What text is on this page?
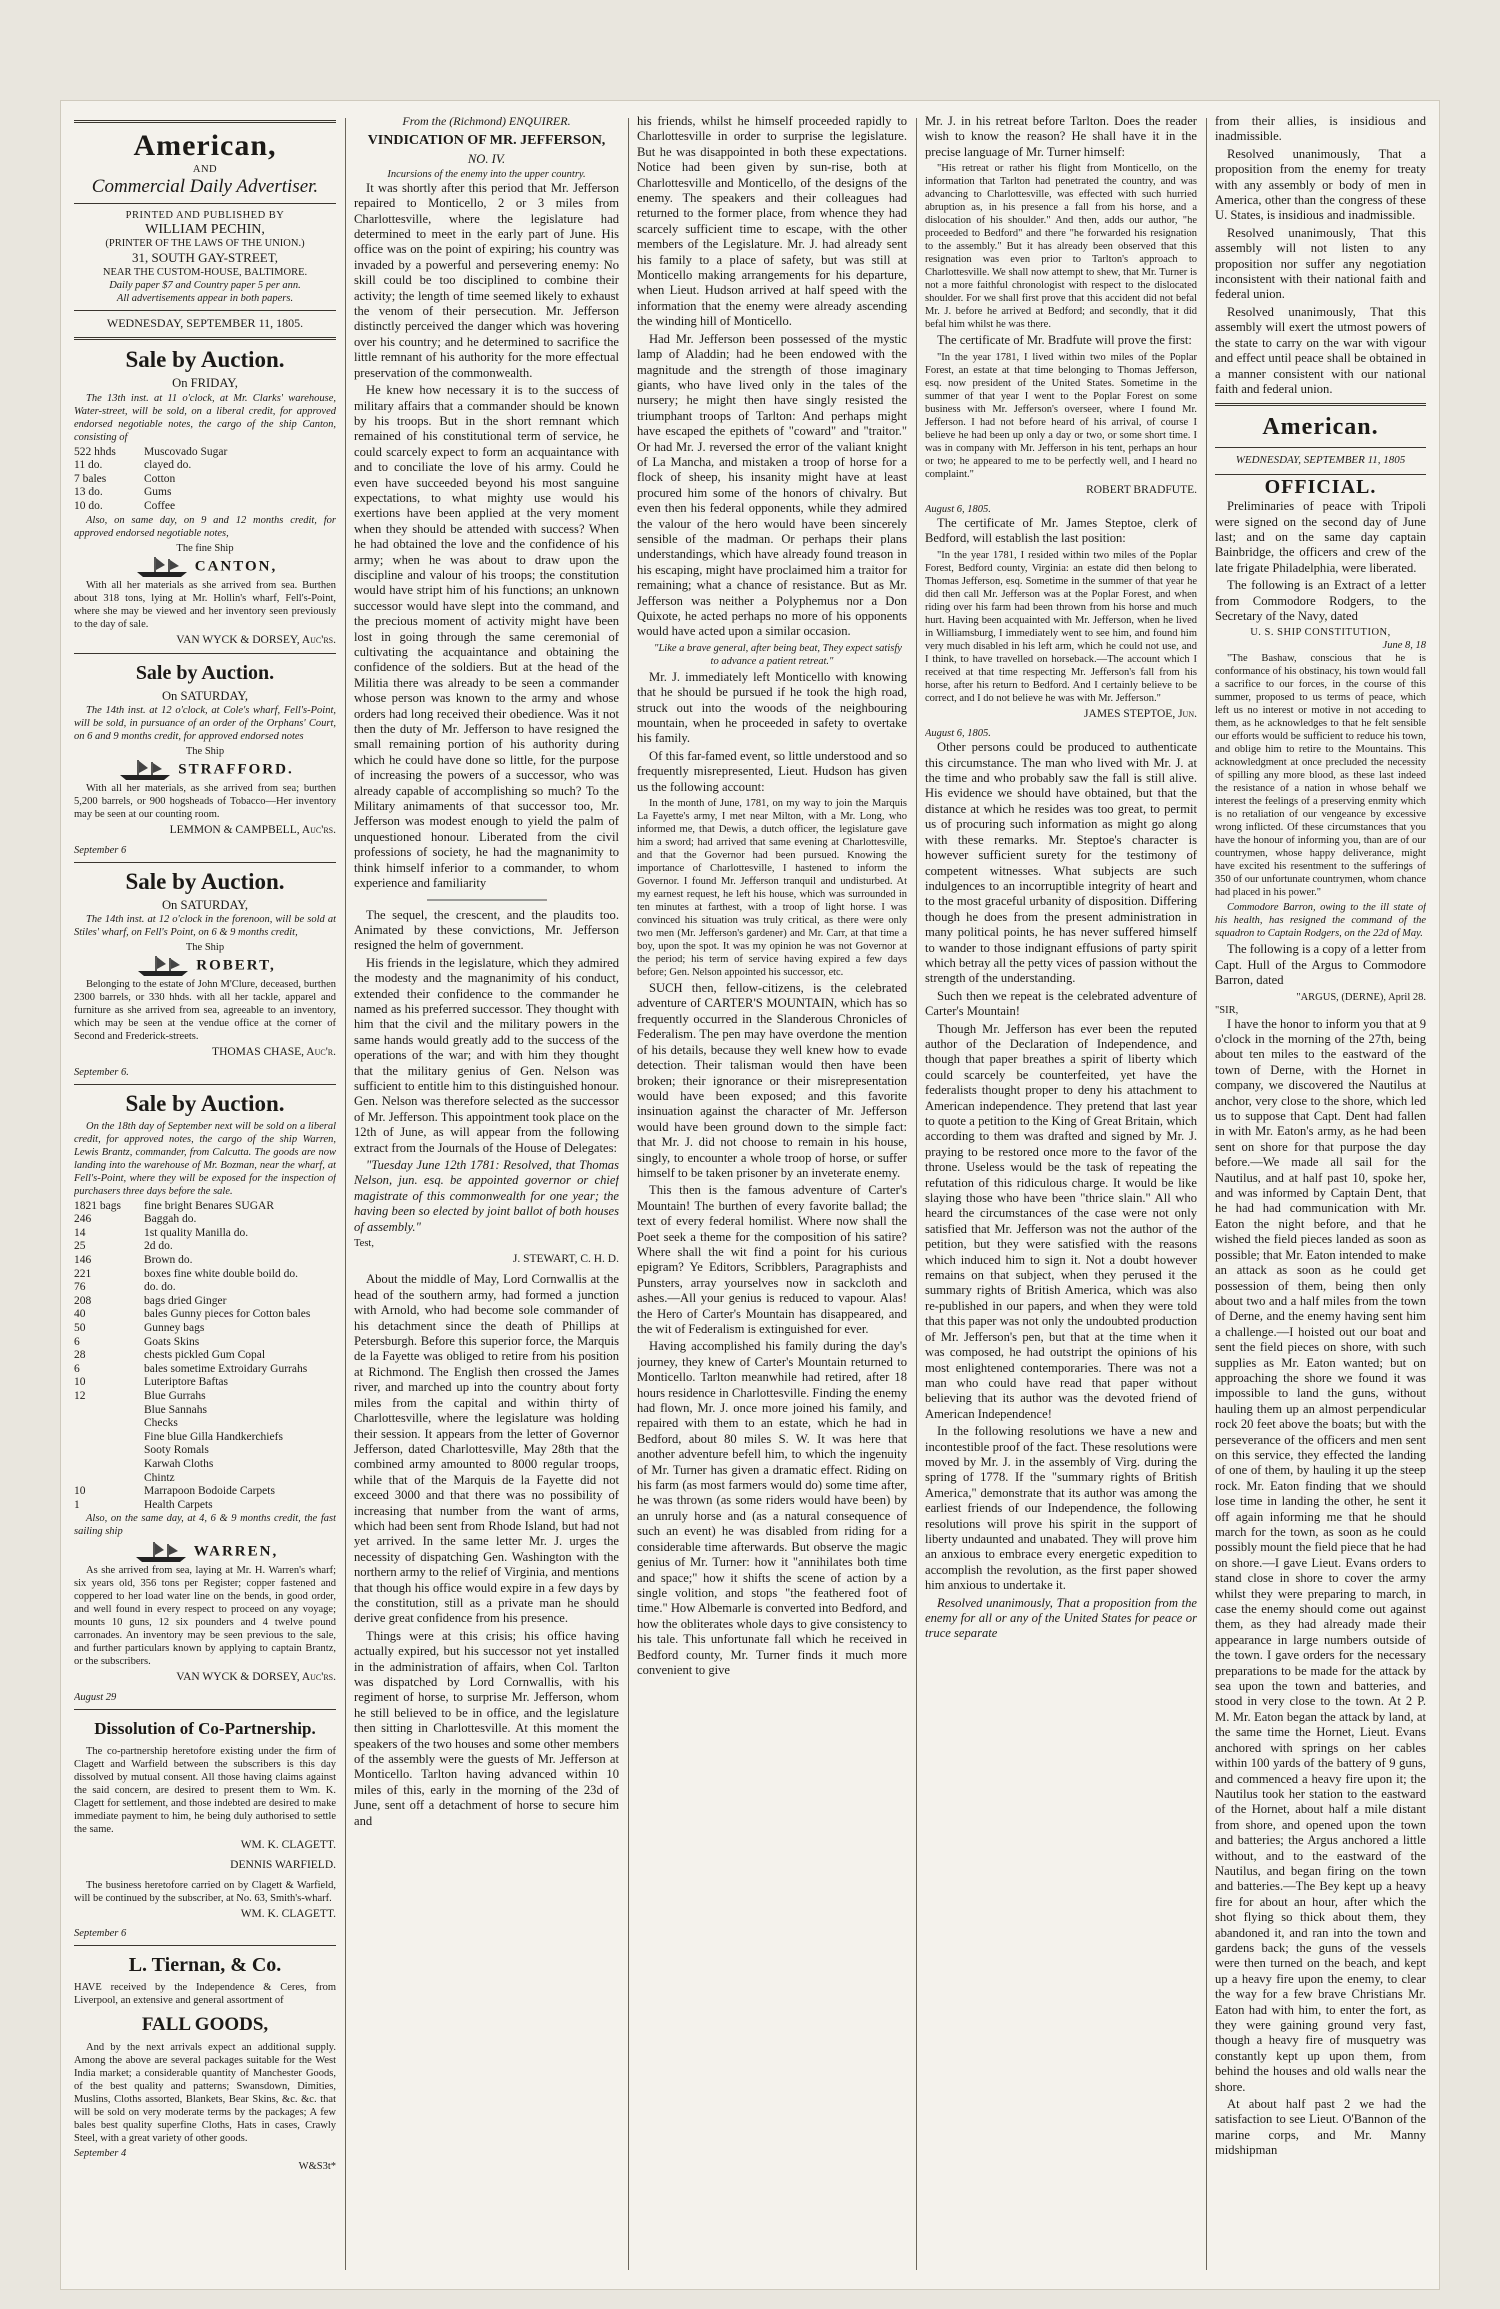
American,
AND
Commercial Daily Advertiser.
PRINTED AND PUBLISHED BY
WILLIAM PECHIN,
(PRINTER OF THE LAWS OF THE UNION.)
31, SOUTH GAY-STREET,
NEAR THE CUSTOM-HOUSE, BALTIMORE.
Daily paper $7 and Country paper 5 per ann.
All advertisements appear in both papers.
WEDNESDAY, SEPTEMBER 11, 1805.
Sale by Auction.
On FRIDAY,

The 13th inst. at 11 o'clock, at Mr. Clarks' warehouse, Water-street, will be sold, on a liberal credit, for approved endorsed negotiable notes, the cargo of the ship Canton, consisting of

522 hhds	Muscovado Sugar
11 do.	clayed do.
7 bales	Cotton
13 do.	Gums
10 do.	Coffee

Also, on same day, on 9 and 12 months credit, for approved endorsed negotiable notes,

The fine Ship
CANTON,

With all her materials as she arrived from sea. Burthen about 318 tons, lying at Mr. Hollin's wharf, Fell's-Point, where she may be viewed and her inventory seen previously to the day of sale.

VAN WYCK & DORSEY, Auc'rs.
Sale by Auction.
On SATURDAY,

The 14th inst. at 12 o'clock, at Cole's wharf, Fell's-Point, will be sold, in pursuance of an order of the Orphans' Court, on 6 and 9 months credit, for approved endorsed notes

The Ship
STRAFFORD.

With all her materials, as she arrived from sea; burthen 5,200 barrels, or 900 hogsheads of Tobacco—Her inventory may be seen at our counting room.

LEMMON & CAMPBELL, Auc'rs.
September 6
Sale by Auction.
On SATURDAY,

The 14th inst. at 12 o'clock in the forenoon, will be sold at Stiles' wharf, on Fell's Point, on 6 & 9 months credit,

The Ship
ROBERT,

Belonging to the estate of John M'Clure, deceased, burthen 2300 barrels, or 330 hhds. with all her tackle, apparel and furniture as she arrived from sea, agreeable to an inventory, which may be seen at the vendue office at the corner of Second and Frederick-streets.

THOMAS CHASE, Auc'r.
September 6.
Sale by Auction.

On the 18th day of September next will be sold on a liberal credit, for approved notes, the cargo of the ship Warren, Lewis Brantz, commander, from Calcutta. The goods are now landing into the warehouse of Mr. Bozman, near the wharf, at Fell's-Point, where they will be exposed for the inspection of purchasers three days before the sale.

1821 bags	fine bright Benares SUGAR
246	Baggah do.
14	1st quality Manilla do.
25	2d do.
146	Brown do.
221	boxes fine white double boild do.
76	do. do.
208	bags dried Ginger
40	bales Gunny pieces for Cotton bales
50	Gunney bags
6	Goats Skins
28	chests pickled Gum Copal
6	bales sometime Extroidary Gurrahs
10	Luteriptore Baftas
12	Blue Gurrahs
Blue Sannahs
Checks
Fine blue Gilla Handkerchiefs
Sooty Romals
Karwah Cloths
Chintz
10	Marrapoon Bodoide Carpets
1	Health Carpets

Also, on the same day, at 4, 6 & 9 months credit, the fast sailing ship

WARREN,

As she arrived from sea, laying at Mr. H. Warren's wharf; six years old, 356 tons per Register; copper fastened and coppered to her load water line on the bends, in good order, and well found in every respect to proceed on any voyage; mounts 10 guns, 12 six pounders and 4 twelve pound carronades. An inventory may be seen previous to the sale, and further particulars known by applying to captain Brantz, or the subscribers.

VAN WYCK & DORSEY, Auc'rs.
August 29
Dissolution of Co-Partnership.

The co-partnership heretofore existing under the firm of Clagett and Warfield between the subscribers is this day dissolved by mutual consent. All those having claims against the said concern, are desired to present them to Wm. K. Clagett for settlement, and those indebted are desired to make immediate payment to him, he being duly authorised to settle the same.

WM. K. CLAGETT.
DENNIS WARFIELD.

The business heretofore carried on by Clagett & Warfield, will be continued by the subscriber, at No. 63, Smith's-wharf.

WM. K. CLAGETT.
September 6
L. Tiernan, & Co.

HAVE received by the Independence & Ceres, from Liverpool, an extensive and general assortment of

FALL GOODS,

And by the next arrivals expect an additional supply. Among the above are several packages suitable for the West India market; a considerable quantity of Manchester Goods, of the best quality and patterns; Swansdown, Dimities, Muslins, Cloths assorted, Blankets, Bear Skins, &c. &c. that will be sold on very moderate terms by the packages; A few bales best quality superfine Cloths, Hats in cases, Crawly Steel, with a great variety of other goods.

September 4
W&S3t*
From the (Richmond) ENQUIRER.
VINDICATION OF MR. JEFFERSON,
NO. IV.
Incursions of the enemy into the upper country.

It was shortly after this period that Mr. Jefferson repaired to Monticello, 2 or 3 miles from Charlottesville, where the legislature had determined to meet in the early part of June. His office was on the point of expiring; his country was invaded by a powerful and persevering enemy: No skill could be too disciplined to combine their activity; the length of time seemed likely to exhaust the venom of their persecution. Mr. Jefferson distinctly perceived the danger which was hovering over his country; and he determined to sacrifice the little remnant of his authority for the more effectual preservation of the commonwealth.

He knew how necessary it is to the success of military affairs that a commander should be known by his troops. But in the short remnant which remained of his constitutional term of service, he could scarcely expect to form an acquaintance with and to conciliate the love of his army. Could he even have succeeded beyond his most sanguine expectations, to what mighty use would his exertions have been applied at the very moment when they should be attended with success? When he had obtained the love and the confidence of his army; when he was about to draw upon the discipline and valour of his troops; the constitution would have stript him of his functions; an unknown successor would have slept into the command, and the precious moment of activity might have been lost in going through the same ceremonial of cultivating the acquaintance and obtaining the confidence of the soldiers. But at the head of the Militia there was already to be seen a commander whose person was known to the army and whose orders had long received their obedience. Was it not then the duty of Mr. Jefferson to have resigned the small remaining portion of his authority during which he could have done so little, for the purpose of increasing the powers of a successor, who was already capable of accomplishing so much? To the Military animaments of that successor too, Mr. Jefferson was modest enough to yield the palm of unquestioned honour. Liberated from the civil professions of society, he had the magnanimity to think himself inferior to a commander, to whom experience and familiarity

The sequel, the crescent, and the plaudits too. Animated by these convictions, Mr. Jefferson resigned the helm of government.

His friends in the legislature, which they admired the modesty and the magnanimity of his conduct, extended their confidence to the commander he named as his preferred successor. They thought with him that the civil and the military powers in the same hands would greatly add to the success of the operations of the war; and with him they thought that the military genius of Gen. Nelson was sufficient to entitle him to this distinguished honour. Gen. Nelson was therefore selected as the successor of Mr. Jefferson. This appointment took place on the 12th of June, as will appear from the following extract from the Journals of the House of Delegates:

"Tuesday June 12th 1781: Resolved, that Thomas Nelson, jun. esq. be appointed governor or chief magistrate of this commonwealth for one year; the having been so elected by joint ballot of both houses of assembly."

Test,
J. STEWART, C. H. D.

About the middle of May, Lord Cornwallis at the head of the southern army, had formed a junction with Arnold, who had become sole commander of his detachment since the death of Phillips at Petersburgh. Before this superior force, the Marquis de la Fayette was obliged to retire from his position at Richmond. The English then crossed the James river, and marched up into the country about forty miles from the capital and within thirty of Charlottesville, where the legislature was holding their session. It appears from the letter of Governor Jefferson, dated Charlottesville, May 28th that the combined army amounted to 8000 regular troops, while that of the Marquis de la Fayette did not exceed 3000 and that there was no possibility of increasing that number from the want of arms, which had been sent from Rhode Island, but had not yet arrived. In the same letter Mr. J. urges the necessity of dispatching Gen. Washington with the northern army to the relief of Virginia, and mentions that though his office would expire in a few days by the constitution, still as a private man he should derive great confidence from his presence.

Things were at this crisis; his office having actually expired, but his successor not yet installed in the administration of affairs, when Col. Tarlton was dispatched by Lord Cornwallis, with his regiment of horse, to surprise Mr. Jefferson, whom he still believed to be in office, and the legislature then sitting in Charlottesville. At this moment the speakers of the two houses and some other members of the assembly were the guests of Mr. Jefferson at Monticello. Tarlton having advanced within 10 miles of this, early in the morning of the 23d of June, sent off a detachment of horse to secure him and

his friends, whilst he himself proceeded rapidly to Charlottesville in order to surprise the legislature. But he was disappointed in both these expectations. Notice had been given by sun-rise, both at Charlottesville and Monticello, of the designs of the enemy. The speakers and their colleagues had returned to the former place, from whence they had scarcely sufficient time to escape, with the other members of the Legislature. Mr. J. had already sent his family to a place of safety, but was still at Monticello making arrangements for his departure, when Lieut. Hudson arrived at half speed with the information that the enemy were already ascending the winding hill of Monticello.

Had Mr. Jefferson been possessed of the mystic lamp of Aladdin; had he been endowed with the magnitude and the strength of those imaginary giants, who have lived only in the tales of the nursery; he might then have singly resisted the triumphant troops of Tarlton: And perhaps might have escaped the epithets of "coward" and "traitor." Or had Mr. J. reversed the error of the valiant knight of La Mancha, and mistaken a troop of horse for a flock of sheep, his insanity might have at least procured him some of the honors of chivalry. But even then his federal opponents, while they admired the valour of the hero would have been sincerely sensible of the madman. Or perhaps their plans understandings, which have already found treason in his escaping, might have proclaimed him a traitor for remaining; what a chance of resistance. But as Mr. Jefferson was neither a Polyphemus nor a Don Quixote, he acted perhaps no more of his opponents would have acted upon a similar occasion.

"Like a brave general, after being beat, They expect satisfy to advance a patient retreat."

Mr. J. immediately left Monticello with knowing that he should be pursued if he took the high road, struck out into the woods of the neighbouring mountain, when he proceeded in safety to overtake his family.

Of this far-famed event, so little understood and so frequently misrepresented, Lieut. Hudson has given us the following account:

In the month of June, 1781, on my way to join the Marquis La Fayette's army, I met near Milton, with a Mr. Long, who informed me, that Dewis, a dutch officer, the legislature gave him a sword; had arrived that same evening at Charlottesville, and that the Governor had been pursued. Knowing the importance of Charlottesville, I hastened to inform the Governor. I found Mr. Jefferson tranquil and undisturbed. At my earnest request, he left his house, which was surrounded in ten minutes at farthest, with a troop of light horse. I was convinced his situation was truly critical, as there were only two men (Mr. Jefferson's gardener) and Mr. Carr, at that time a boy, upon the spot. It was my opinion he was not Governor at the period; his term of service having expired a few days before; Gen. Nelson appointed his successor, etc.

SUCH then, fellow-citizens, is the celebrated adventure of CARTER'S MOUNTAIN, which has so frequently occurred in the Slanderous Chronicles of Federalism. The pen may have overdone the mention of his details, because they well knew how to evade detection. Their talisman would then have been broken; their ignorance or their misrepresentation would have been exposed; and this favorite insinuation against the character of Mr. Jefferson would have been ground down to the simple fact: that Mr. J. did not choose to remain in his house, singly, to encounter a whole troop of horse, or suffer himself to be taken prisoner by an inveterate enemy.

This then is the famous adventure of Carter's Mountain! The burthen of every favorite ballad; the text of every federal homilist. Where now shall the Poet seek a theme for the composition of his satire? Where shall the wit find a point for his curious epigram? Ye Editors, Scribblers, Paragraphists and Punsters, array yourselves now in sackcloth and ashes.—All your genius is reduced to vapour. Alas! the Hero of Carter's Mountain has disappeared, and the wit of Federalism is extinguished for ever.

Having accomplished his family during the day's journey, they knew of Carter's Mountain returned to Monticello. Tarlton meanwhile had retired, after 18 hours residence in Charlottesville. Finding the enemy had flown, Mr. J. once more joined his family, and repaired with them to an estate, which he had in Bedford, about 80 miles S. W. It was here that another adventure befell him, to which the ingenuity of Mr. Turner has given a dramatic effect. Riding on his farm (as most farmers would do) some time after, he was thrown (as some riders would have been) by an unruly horse and (as a natural consequence of such an event) he was disabled from riding for a considerable time afterwards. But observe the magic genius of Mr. Turner: how it "annihilates both time and space;" how it shifts the scene of action by a single volition, and stops "the feathered foot of time." How Albemarle is converted into Bedford, and how the obliterates whole days to give consistency to his tale. This unfortunate fall which he received in Bedford county, Mr. Turner finds it much more convenient to give

Mr. J. in his retreat before Tarlton. Does the reader wish to know the reason? He shall have it in the precise language of Mr. Turner himself:

"His retreat or rather his flight from Monticello, on the information that Tarlton had penetrated the country, and was advancing to Charlottesville, was effected with such hurried abruption as, in his presence a fall from his horse, and a dislocation of his shoulder." And then, adds our author, "he proceeded to Bedford" and there "he forwarded his resignation to the assembly." But it has already been observed that this resignation was even prior to Tarlton's approach to Charlottesville. We shall now attempt to shew, that Mr. Turner is not a more faithful chronologist with respect to the dislocated shoulder. For we shall first prove that this accident did not befal Mr. J. before he arrived at Bedford; and secondly, that it did befal him whilst he was there.

The certificate of Mr. Bradfute will prove the first:

"In the year 1781, I lived within two miles of the Poplar Forest, an estate at that time belonging to Thomas Jefferson, esq. now president of the United States. Sometime in the summer of that year I went to the Poplar Forest on some business with Mr. Jefferson's overseer, where I found Mr. Jefferson. I had not before heard of his arrival, of course I believe he had been up only a day or two, or some short time. I was in company with Mr. Jefferson in his tent, perhaps an hour or two; he appeared to me to be perfectly well, and I heard no complaint."

ROBERT BRADFUTE.
August 6, 1805.

The certificate of Mr. James Steptoe, clerk of Bedford, will establish the last position:

"In the year 1781, I resided within two miles of the Poplar Forest, Bedford county, Virginia: an estate did then belong to Thomas Jefferson, esq. Sometime in the summer of that year he did then call Mr. Jefferson was at the Poplar Forest, and when riding over his farm had been thrown from his horse and much hurt. Having been acquainted with Mr. Jefferson, when he lived in Williamsburg, I immediately went to see him, and found him very much disabled in his left arm, which he could not use, and I think, to have travelled on horseback.—The account which I received at that time respecting Mr. Jefferson's fall from his horse, after his return to Bedford. And I certainly believe to be correct, and I do not believe he was with Mr. Jefferson."

JAMES STEPTOE, Jun.
August 6, 1805.

Other persons could be produced to authenticate this circumstance. The man who lived with Mr. J. at the time and who probably saw the fall is still alive. His evidence we should have obtained, but that the distance at which he resides was too great, to permit us of procuring such information as might go along with these remarks. Mr. Steptoe's character is however sufficient surety for the testimony of competent witnesses. What subjects are such indulgences to an incorruptible integrity of heart and to the most graceful urbanity of disposition. Differing though he does from the present administration in many political points, he has never suffered himself to wander to those indignant effusions of party spirit which betray all the petty vices of passion without the strength of the understanding.

Such then we repeat is the celebrated adventure of Carter's Mountain!

Though Mr. Jefferson has ever been the reputed author of the Declaration of Independence, and though that paper breathes a spirit of liberty which could scarcely be counterfeited, yet have the federalists thought proper to deny his attachment to American independence. They pretend that last year to quote a petition to the King of Great Britain, which according to them was drafted and signed by Mr. J. praying to be restored once more to the favor of the throne. Useless would be the task of repeating the refutation of this ridiculous charge. It would be like slaying those who have been "thrice slain." All who heard the circumstances of the case were not only satisfied that Mr. Jefferson was not the author of the petition, but they were satisfied with the reasons which induced him to sign it. Not a doubt however remains on that subject, when they perused it the summary rights of British America, which was also re-published in our papers, and when they were told that this paper was not only the undoubted production of Mr. Jefferson's pen, but that at the time when it was composed, he had outstript the opinions of his most enlightened contemporaries. There was not a man who could have read that paper without believing that its author was the devoted friend of American Independence!

In the following resolutions we have a new and incontestible proof of the fact. These resolutions were moved by Mr. J. in the assembly of Virg. during the spring of 1778. If the "summary rights of British America," demonstrate that its author was among the earliest friends of our Independence, the following resolutions will prove his spirit in the support of liberty undaunted and unabated. They will prove him an anxious to embrace every energetic expedition to accomplish the revolution, as the first paper showed him anxious to undertake it.

Resolved unanimously, That a proposition from the enemy for all or any of the United States for peace or truce separate

from their allies, is insidious and inadmissible.

Resolved unanimously, That a proposition from the enemy for treaty with any assembly or body of men in America, other than the congress of these U. States, is insidious and inadmissible.

Resolved unanimously, That this assembly will not listen to any proposition nor suffer any negotiation inconsistent with their national faith and federal union.

Resolved unanimously, That this assembly will exert the utmost powers of the state to carry on the war with vigour and effect until peace shall be obtained in a manner consistent with our national faith and federal union.

American.
WEDNESDAY, SEPTEMBER 11, 1805
OFFICIAL.

Preliminaries of peace with Tripoli were signed on the second day of June last; and on the same day captain Bainbridge, the officers and crew of the late frigate Philadelphia, were liberated.

The following is an Extract of a letter from Commodore Rodgers, to the Secretary of the Navy, dated

U. S. SHIP CONSTITUTION,
June 8, 18

"The Bashaw, conscious that he is conformance of his obstinacy, his town would fall a sacrifice to our forces, in the course of this summer, proposed to us terms of peace, which left us no interest or motive in not acceding to them, as he acknowledges to that he felt sensible our efforts would be sufficient to reduce his town, and oblige him to retire to the Mountains. This acknowledgment at once precluded the necessity of spilling any more blood, as these last indeed the resistance of a nation in whose behalf we interest the feelings of a preserving enmity which is no retaliation of our vengeance by excessive wrong inflicted. Of these circumstances that you have the honour of informing you, than are of our countrymen, whose happy deliverance, might have excited his resentment to the sufferings of 350 of our unfortunate countrymen, whom chance had placed in his power."

Commodore Barron, owing to the ill state of his health, has resigned the command of the squadron to Captain Rodgers, on the 22d of May.

The following is a copy of a letter from Capt. Hull of the Argus to Commodore Barron, dated

"ARGUS, (DERNE), April 28.
"SIR,

I have the honor to inform you that at 9 o'clock in the morning of the 27th, being about ten miles to the eastward of the town of Derne, with the Hornet in company, we discovered the Nautilus at anchor, very close to the shore, which led us to suppose that Capt. Dent had fallen in with Mr. Eaton's army, as he had been sent on shore for that purpose the day before.—We made all sail for the Nautilus, and at half past 10, spoke her, and was informed by Captain Dent, that he had had communication with Mr. Eaton the night before, and that he wished the field pieces landed as soon as possible; that Mr. Eaton intended to make an attack as soon as he could get possession of them, being then only about two and a half miles from the town of Derne, and the enemy having sent him a challenge.—I hoisted out our boat and sent the field pieces on shore, with such supplies as Mr. Eaton wanted; but on approaching the shore we found it was impossible to land the guns, without hauling them up an almost perpendicular rock 20 feet above the boats; but with the perseverance of the officers and men sent on this service, they effected the landing of one of them, by hauling it up the steep rock. Mr. Eaton finding that we should lose time in landing the other, he sent it off again informing me that he should march for the town, as soon as he could possibly mount the field piece that he had on shore.—I gave Lieut. Evans orders to stand close in shore to cover the army whilst they were preparing to march, in case the enemy should come out against them, as they had already made their appearance in large numbers outside of the town. I gave orders for the necessary preparations to be made for the attack by sea upon the town and batteries, and stood in very close to the town. At 2 P. M. Mr. Eaton began the attack by land, at the same time the Hornet, Lieut. Evans anchored with springs on her cables within 100 yards of the battery of 9 guns, and commenced a heavy fire upon it; the Nautilus took her station to the eastward of the Hornet, about half a mile distant from shore, and opened upon the town and batteries; the Argus anchored a little without, and to the eastward of the Nautilus, and began firing on the town and batteries.—The Bey kept up a heavy fire for about an hour, after which the shot flying so thick about them, they abandoned it, and ran into the town and gardens back; the guns of the vessels were then turned on the beach, and kept up a heavy fire upon the enemy, to clear the way for a few brave Christians Mr. Eaton had with him, to enter the fort, as they were gaining ground very fast, though a heavy fire of musquetry was constantly kept up upon them, from behind the houses and old walls near the shore.

At about half past 2 we had the satisfaction to see Lieut. O'Bannon of the marine corps, and Mr. Manny midshipman
